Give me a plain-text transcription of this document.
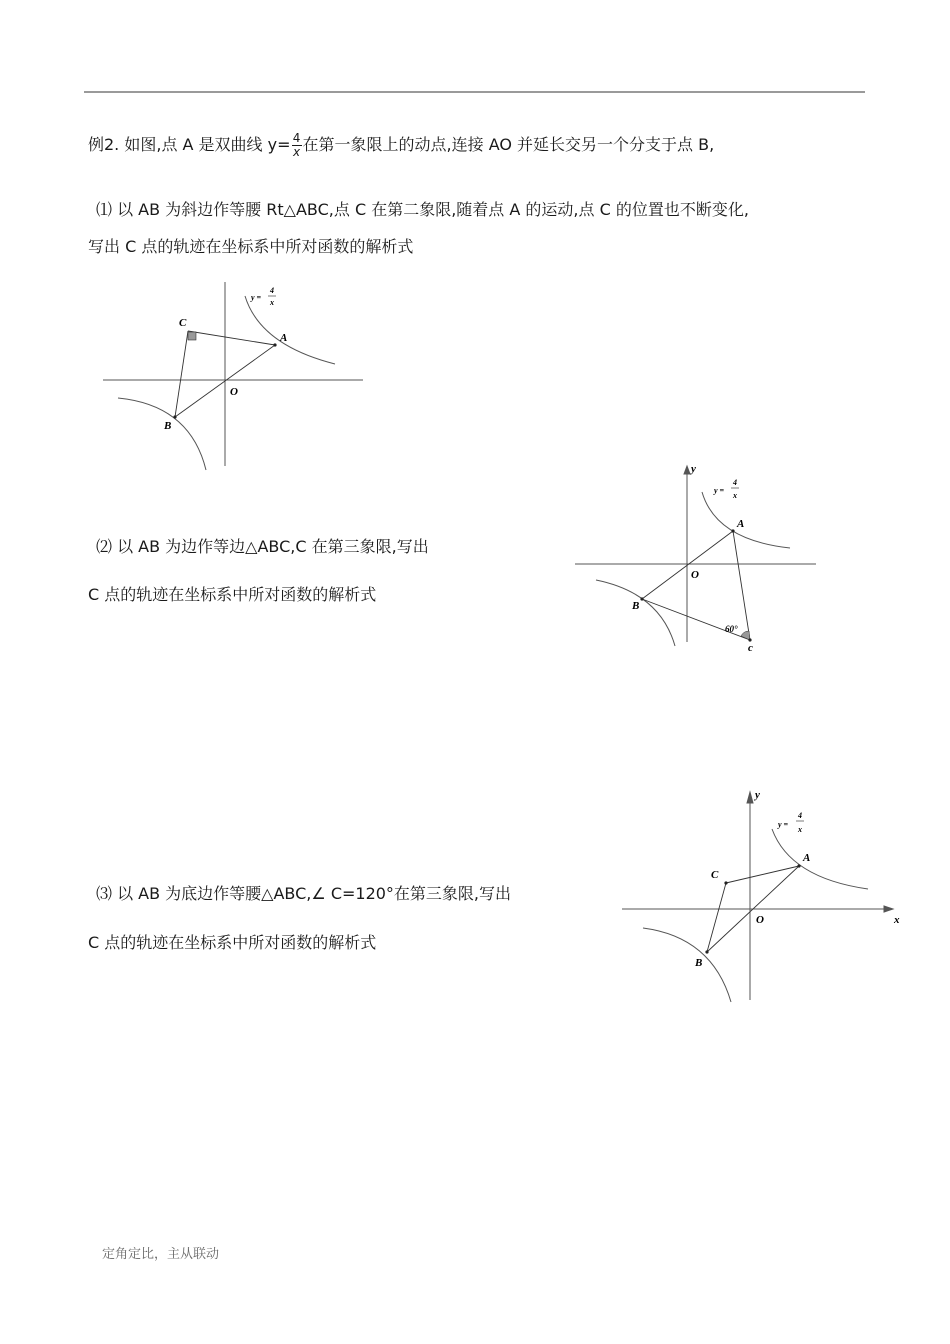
例2. 如图,点 A 是双曲线 $y= \frac{4}{x}$ 在第一象限上的动点,连接 AO 并延长交另一个分支于点 B,
⑴ 以 AB 为斜边作等腰 Rt△ABC,点 C 在第二象限,随着点 A 的运动,点 C 的位置也不断变化,
写出 C 点的轨迹在坐标系中所对函数的解析式
C
A
O
B
y =
4
x
⑵ 以 AB 为边作等边△ABC,C 在第三象限,写出
C 点的轨迹在坐标系中所对函数的解析式
y
A
O
B
60°
c
y =
4
x
⑶ 以 AB 为底边作等腰△ABC,∠ C=120°在第三象限,写出
C 点的轨迹在坐标系中所对函数的解析式
y
x
A
C
O
B
y =
4
x
定角定比，主从联动
